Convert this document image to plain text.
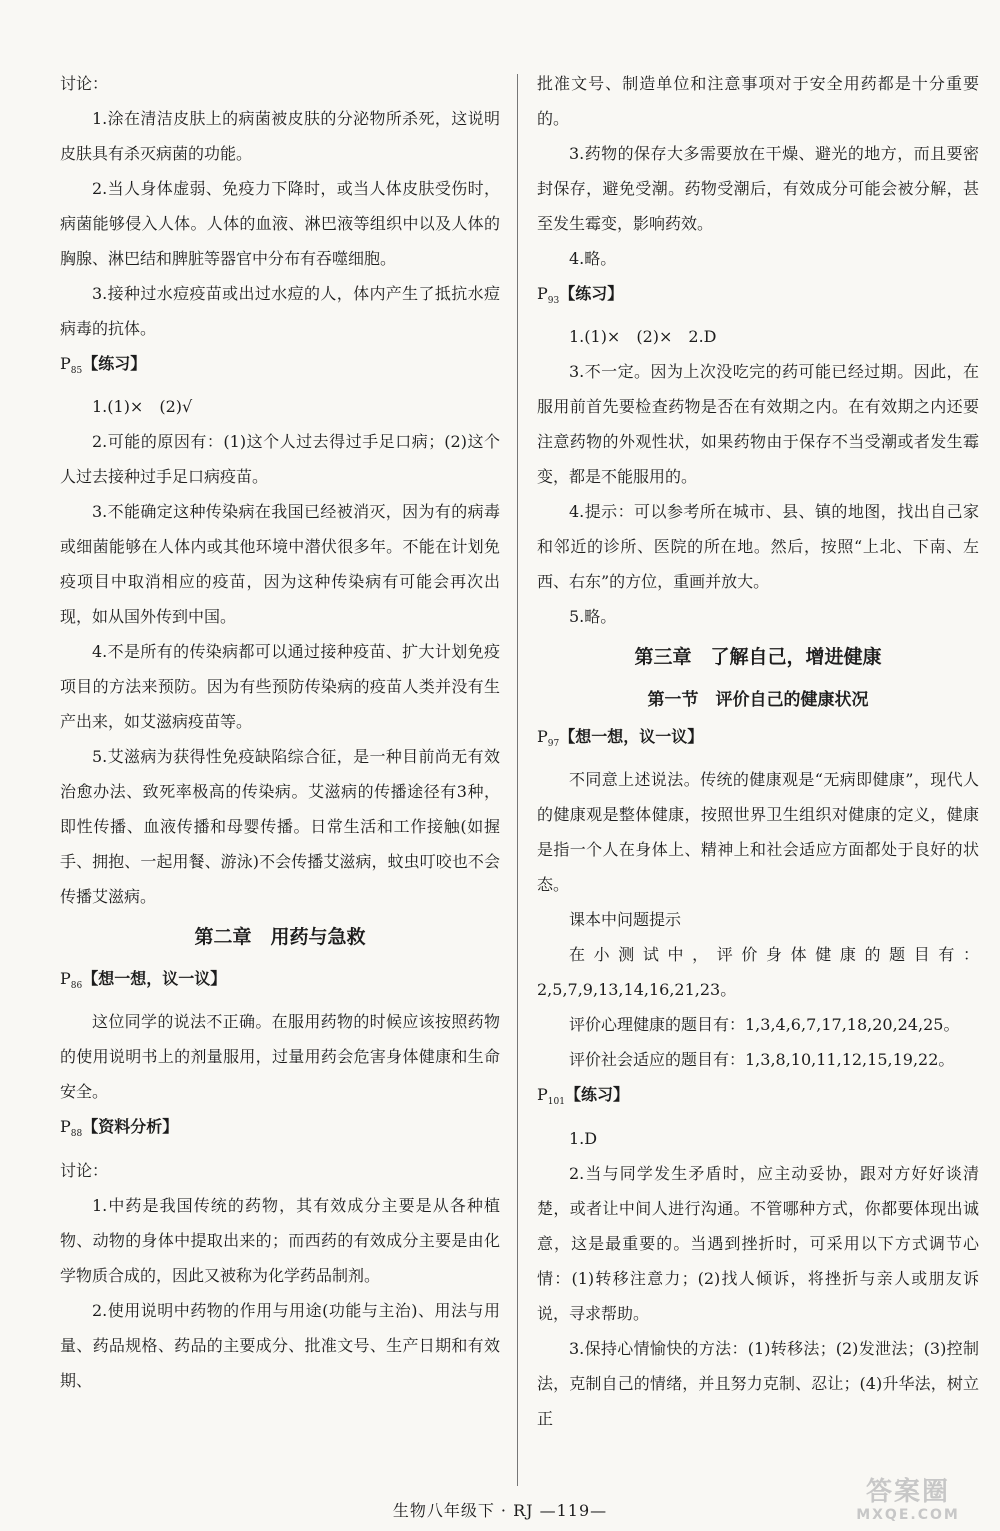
讨论：

1.涂在清洁皮肤上的病菌被皮肤的分泌物所杀死，这说明皮肤具有杀灭病菌的功能。

2.当人身体虚弱、免疫力下降时，或当人体皮肤受伤时，病菌能够侵入人体。人体的血液、淋巴液等组织中以及人体的胸腺、淋巴结和脾脏等器官中分布有吞噬细胞。

3.接种过水痘疫苗或出过水痘的人，体内产生了抵抗水痘病毒的抗体。

$P_{85}$【练习】

1.(1)×　(2)√

2.可能的原因有：(1)这个人过去得过手足口病；(2)这个人过去接种过手足口病疫苗。

3.不能确定这种传染病在我国已经被消灭，因为有的病毒或细菌能够在人体内或其他环境中潜伏很多年。不能在计划免疫项目中取消相应的疫苗，因为这种传染病有可能会再次出现，如从国外传到中国。

4.不是所有的传染病都可以通过接种疫苗、扩大计划免疫项目的方法来预防。因为有些预防传染病的疫苗人类并没有生产出来，如艾滋病疫苗等。

5.艾滋病为获得性免疫缺陷综合征，是一种目前尚无有效治愈办法、致死率极高的传染病。艾滋病的传播途径有3种，即性传播、血液传播和母婴传播。日常生活和工作接触(如握手、拥抱、一起用餐、游泳)不会传播艾滋病，蚊虫叮咬也不会传播艾滋病。

第二章　用药与急救

$P_{86}$【想一想，议一议】

这位同学的说法不正确。在服用药物的时候应该按照药物的使用说明书上的剂量服用，过量用药会危害身体健康和生命安全。

$P_{88}$【资料分析】

讨论：

1.中药是我国传统的药物，其有效成分主要是从各种植物、动物的身体中提取出来的；而西药的有效成分主要是由化学物质合成的，因此又被称为化学药品制剂。

2.使用说明中药物的作用与用途(功能与主治)、用法与用量、药品规格、药品的主要成分、批准文号、生产日期和有效期、

批准文号、制造单位和注意事项对于安全用药都是十分重要的。

3.药物的保存大多需要放在干燥、避光的地方，而且要密封保存，避免受潮。药物受潮后，有效成分可能会被分解，甚至发生霉变，影响药效。

4.略。

$P_{93}$【练习】

1.(1)×　(2)×　2.D

3.不一定。因为上次没吃完的药可能已经过期。因此，在服用前首先要检查药物是否在有效期之内。在有效期之内还要注意药物的外观性状，如果药物由于保存不当受潮或者发生霉变，都是不能服用的。

4.提示：可以参考所在城市、县、镇的地图，找出自己家和邻近的诊所、医院的所在地。然后，按照“上北、下南、左西、右东”的方位，重画并放大。

5.略。

第三章　了解自己，增进健康

第一节　评价自己的健康状况

$P_{97}$【想一想，议一议】

不同意上述说法。传统的健康观是“无病即健康”，现代人的健康观是整体健康，按照世界卫生组织对健康的定义，健康是指一个人在身体上、精神上和社会适应方面都处于良好的状态。

课本中问题提示

在小测试中，评价身体健康的题目有：2,5,7,9,13,14,16,21,23。

评价心理健康的题目有：1,3,4,6,7,17,18,20,24,25。

评价社会适应的题目有：1,3,8,10,11,12,15,19,22。

$P_{101}$【练习】

1.D

2.当与同学发生矛盾时，应主动妥协，跟对方好好谈清楚，或者让中间人进行沟通。不管哪种方式，你都要体现出诚意，这是最重要的。当遇到挫折时，可采用以下方式调节心情：(1)转移注意力；(2)找人倾诉，将挫折与亲人或朋友诉说，寻求帮助。

3.保持心情愉快的方法：(1)转移法；(2)发泄法；(3)控制法，克制自己的情绪，并且努力克制、忍让；(4)升华法，树立正

生物八年级下 · RJ —119—
答案圈
MXQE.COM
